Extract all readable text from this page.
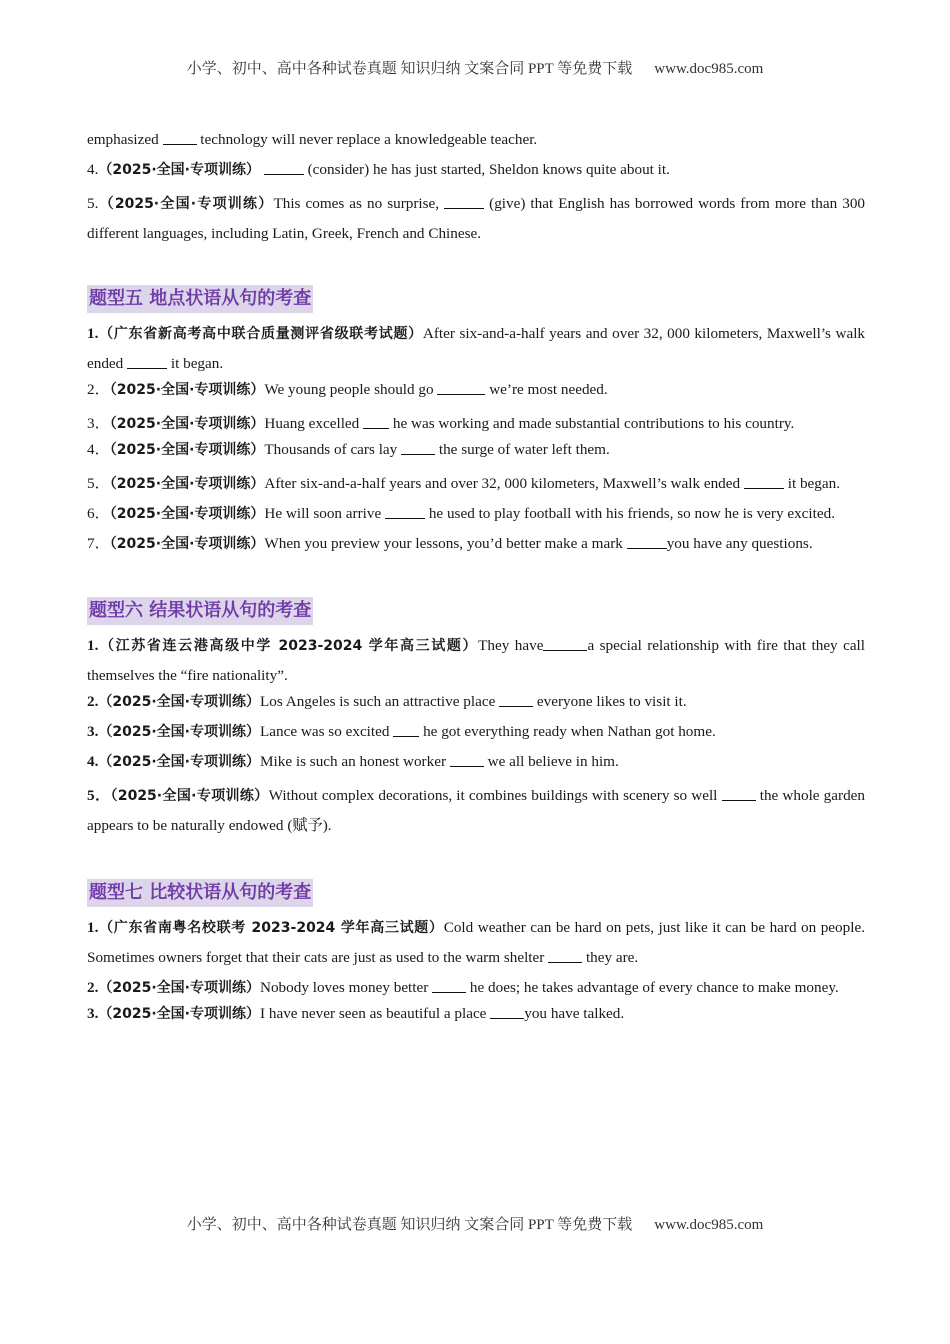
小学、初中、高中各种试卷真题 知识归纳 文案合同 PPT 等免费下载 www.doc985.com
emphasized	technology will never replace a knowledgeable teacher.
4.（2025·全国·专项训练）	(consider) he has just started, Sheldon knows quite about it.
5.（2025·全国·专项训练）This comes as no surprise,	(give) that English has borrowed words from more than 300 different languages, including Latin, Greek, French and Chinese.
题型五 地点状语从句的考查
1.（广东省新高考高中联合质量测评省级联考试题）After six-and-a-half years and over 32, 000 kilometers, Maxwell’s walk ended	it began.
2．（2025·全国·专项训练）We young people should go	we’re most needed.
3．（2025·全国·专项训练）Huang excelled he was working and made substantial contributions to his country.
4．（2025·全国·专项训练）Thousands of cars lay	the surge of water left them.
5．（2025·全国·专项训练）After six-and-a-half years and over 32, 000 kilometers, Maxwell’s walk ended	it began.
6．（2025·全国·专项训练）He will soon arrive	he used to play football with his friends, so now he is very excited.
7．（2025·全国·专项训练）When you preview your lessons, you’d better make a mark	you have any questions.
题型六 结果状语从句的考查
1.（江苏省连云港高级中学 2023-2024 学年高三试题）They have	a special relationship with fire that they call themselves the “fire nationality”.
2.（2025·全国·专项训练）Los Angeles is such an attractive place	everyone likes to visit it.
3.（2025·全国·专项训练）Lance was so excited he got everything ready when Nathan got home.
4.（2025·全国·专项训练）Mike is such an honest worker	we all believe in him.
5．（2025·全国·专项训练）Without complex decorations, it combines buildings with scenery so well	the whole garden appears to be naturally endowed (赋予).
题型七 比较状语从句的考查
1.（广东省南粤名校联考 2023-2024 学年高三试题）Cold weather can be hard on pets, just like it can be hard on people. Sometimes owners forget that their cats are just as used to the warm shelter	they are.
2.（2025·全国·专项训练）Nobody loves money better	he does; he takes advantage of every chance to make money.
3.（2025·全国·专项训练）I have never seen as beautiful a place you have talked.
小学、初中、高中各种试卷真题 知识归纳 文案合同 PPT 等免费下载 www.doc985.com
